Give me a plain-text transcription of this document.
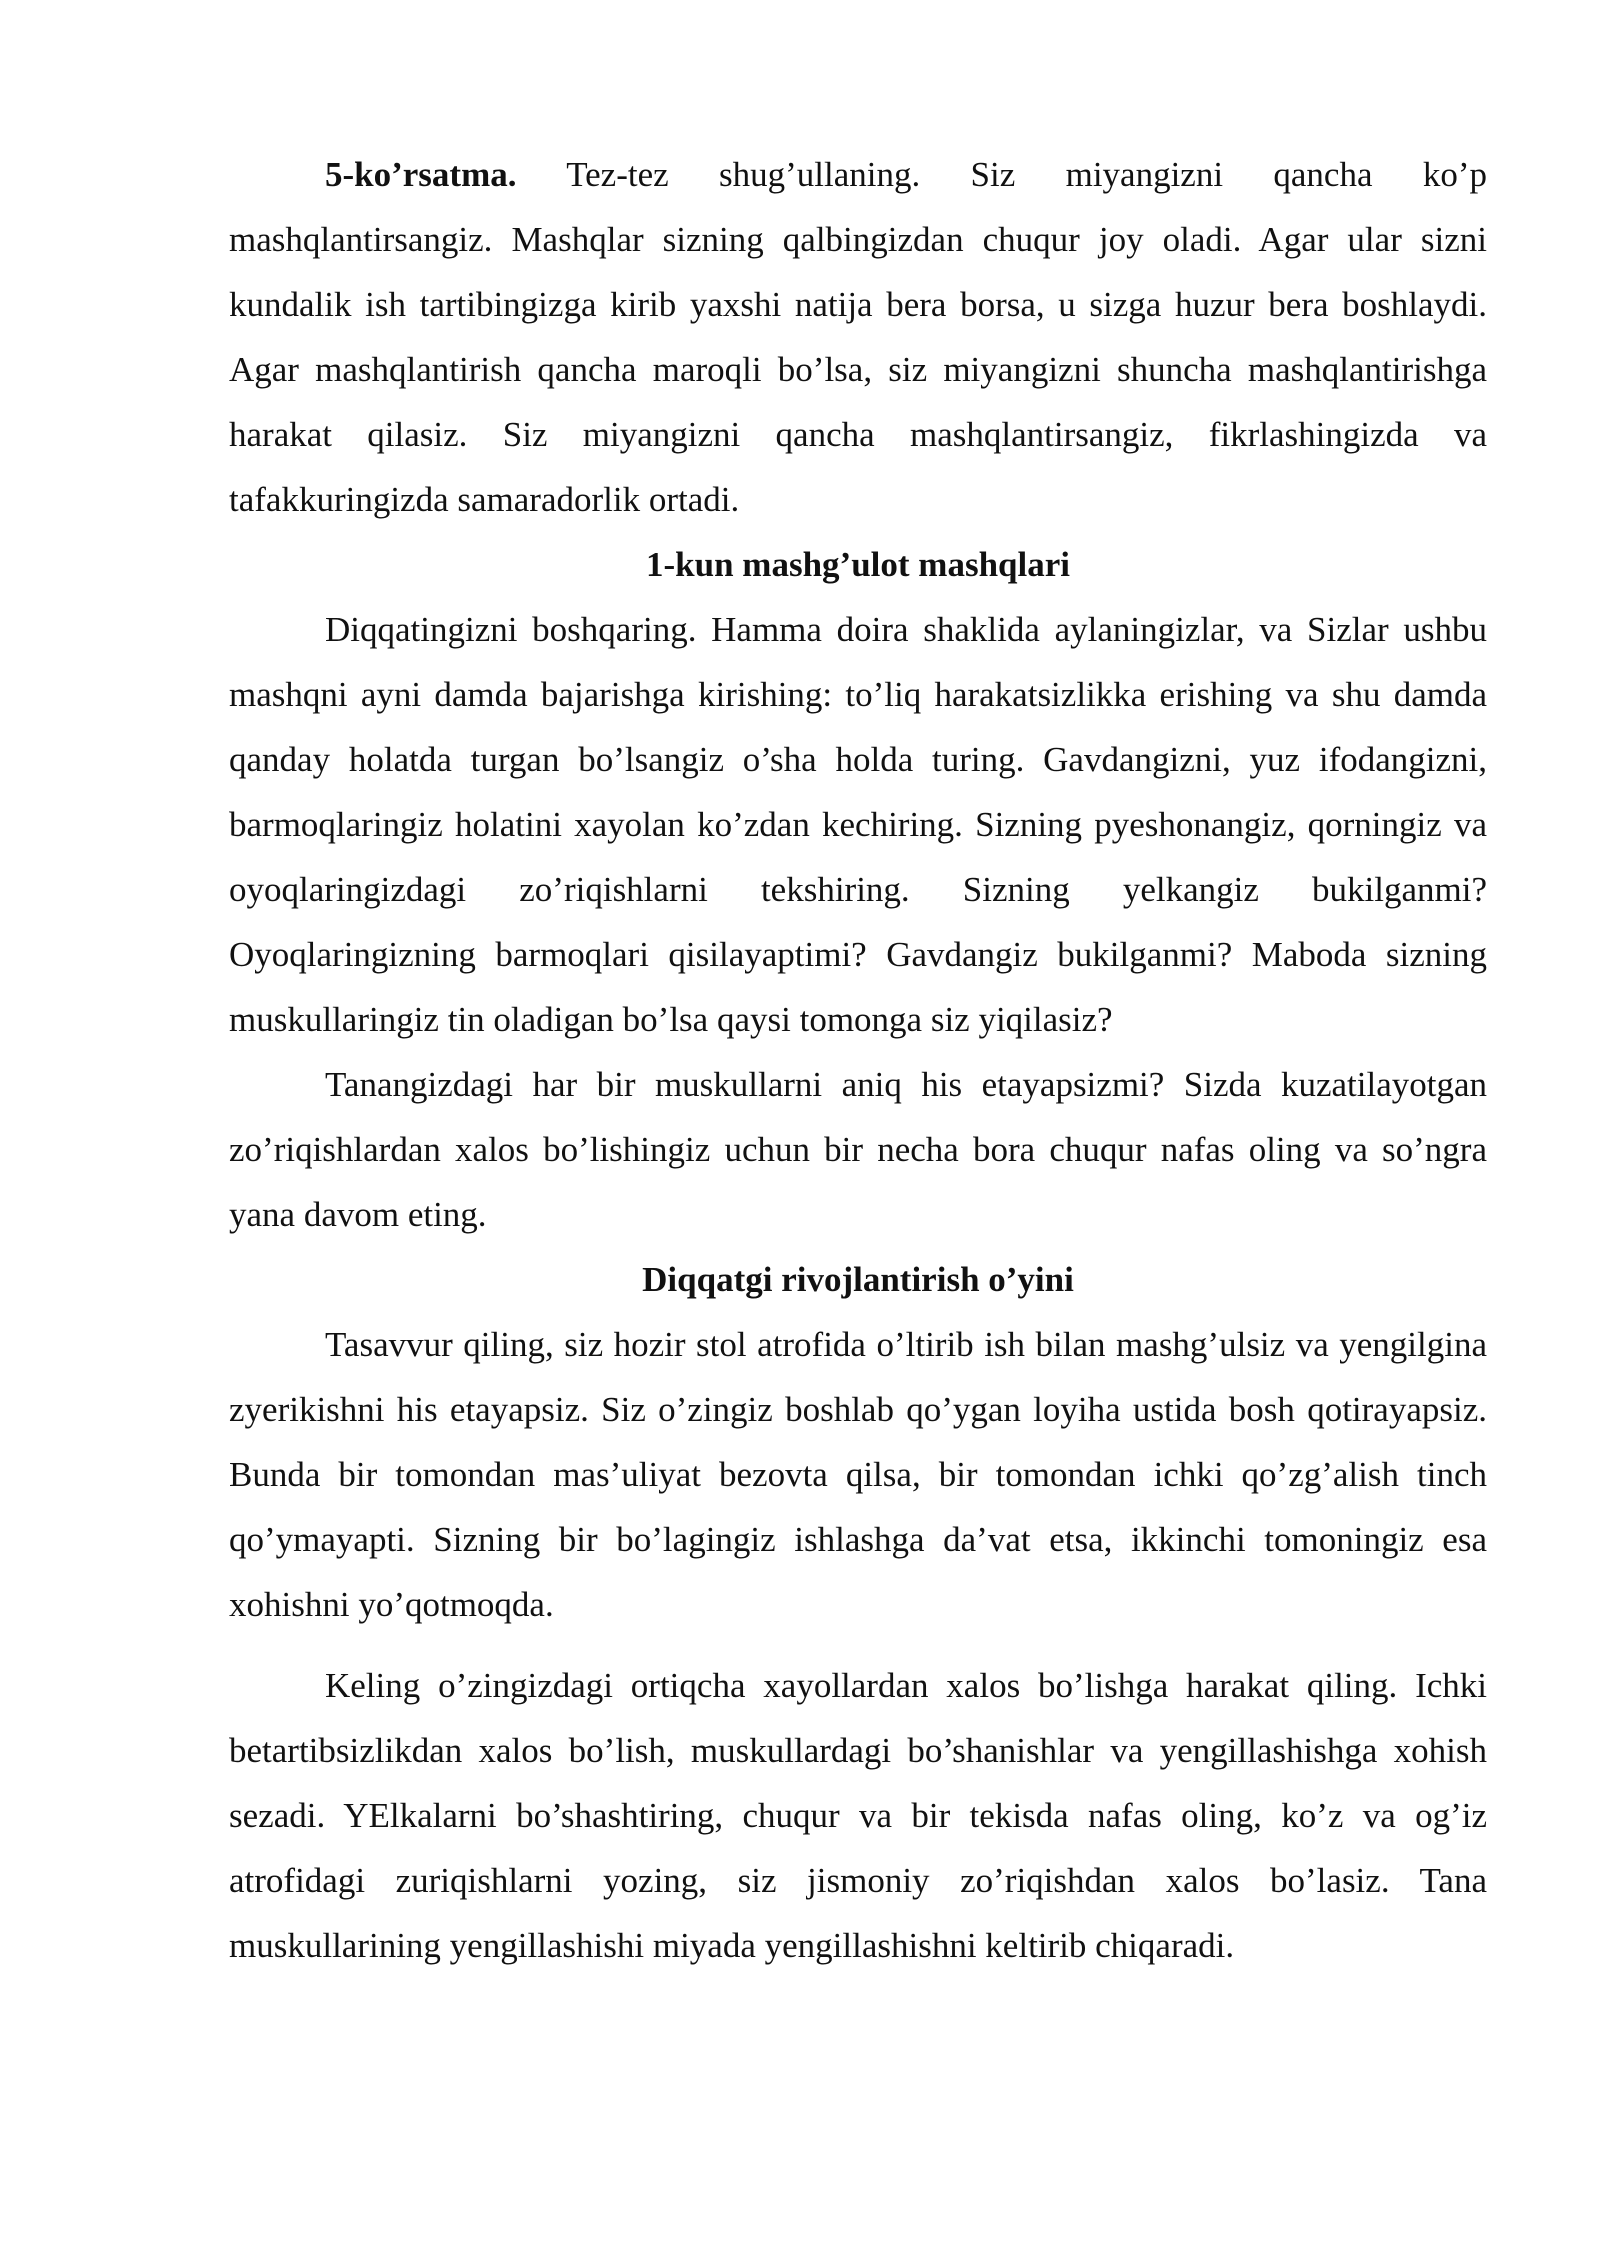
5-ko’rsatma. Tez-tez shug’ullaning. Siz miyangizni qancha ko’p mashqlantirsangiz. Mashqlar sizning qalbingizdan chuqur joy oladi. Agar ular sizni kundalik ish tartibingizga kirib yaxshi natija bera borsa, u sizga huzur bera boshlaydi. Agar mashqlantirish qancha maroqli bo’lsa, siz miyangizni shuncha mashqlantirishga harakat qilasiz. Siz miyangizni qancha mashqlantirsangiz, fikrlashingizda va tafakkuringizda samaradorlik ortadi.

1-kun mashg’ulot mashqlari

Diqqatingizni boshqaring. Hamma doira shaklida aylaningizlar, va Sizlar ushbu mashqni ayni damda bajarishga kirishing: to’liq harakatsizlikka erishing va shu damda qanday holatda turgan bo’lsangiz o’sha holda turing. Gavdangizni, yuz ifodangizni, barmoqlaringiz holatini xayolan ko’zdan kechiring. Sizning pyeshonangiz, qorningiz va oyoqlaringizdagi zo’riqishlarni tekshiring. Sizning yelkangiz bukilganmi? Oyoqlaringizning barmoqlari qisilayaptimi? Gavdangiz bukilganmi? Maboda sizning muskullaringiz tin oladigan bo’lsa qaysi tomonga siz yiqilasiz?

Tanangizdagi har bir muskullarni aniq his etayapsizmi? Sizda kuzatilayotgan zo’riqishlardan xalos bo’lishingiz uchun bir necha bora chuqur nafas oling va so’ngra yana davom eting.

Diqqatgi rivojlantirish o’yini

Tasavvur qiling, siz hozir stol atrofida o’ltirib ish bilan mashg’ulsiz va yengilgina zyerikishni his etayapsiz. Siz o’zingiz boshlab qo’ygan loyiha ustida bosh qotirayapsiz. Bunda bir tomondan mas’uliyat bezovta qilsa, bir tomondan ichki qo’zg’alish tinch qo’ymayapti. Sizning bir bo’lagingiz ishlashga da’vat etsa, ikkinchi tomoningiz esa xohishni yo’qotmoqda.

Keling o’zingizdagi ortiqcha xayollardan xalos bo’lishga harakat qiling. Ichki betartibsizlikdan xalos bo’lish, muskullardagi bo’shanishlar va yengillashishga xohish sezadi. YElkalarni bo’shashtiring, chuqur va bir tekisda nafas oling, ko’z va og’iz atrofidagi zuriqishlarni yozing, siz jismoniy zo’riqishdan xalos bo’lasiz. Tana muskullarining yengillashishi miyada yengillashishni keltirib chiqaradi.
